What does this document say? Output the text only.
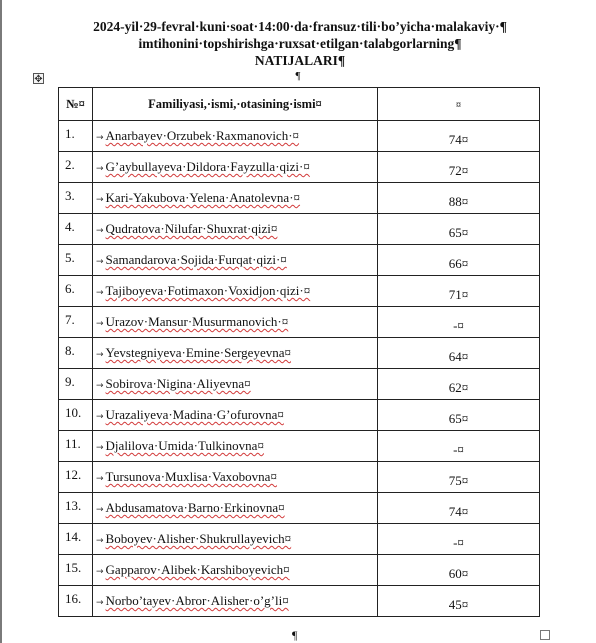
2024-yil·29-fevral·kuni·soat·14:00·da·fransuz·tili·bo’yicha·malakaviy·¶
imtihonini·topshirishga·ruxsat·etilgan·talabgorlarning¶
NATIJALARI¶
¶
✥
№¤	Familiyasi,·ismi,·otasining·ismi¤	¤
1.	→ Anarbayev·Orzubek·Raxmanovich·¤	74¤
2.	→ G’aybullayeva·Dildora·Fayzulla·qizi·¤	72¤
3.	→ Kari-Yakubova·Yelena·Anatolevna·¤	88¤
4.	→ Qudratova·Nilufar·Shuxrat·qizi¤	65¤
5.	→ Samandarova·Sojida·Furqat·qizi·¤	66¤
6.	→ Tajiboyeva·Fotimaxon·Voxidjon·qizi·¤	71¤
7.	→ Urazov·Mansur·Musurmanovich·¤	-¤
8.	→ Yevstegniyeva·Emine·Sergeyevna¤	64¤
9.	→ Sobirova·Nigina·Aliyevna¤	62¤
10.	→ Urazaliyeva·Madina·G’ofurovna¤	65¤
11.	→ Djalilova·Umida·Tulkinovna¤	-¤
12.	→ Tursunova·Muxlisa·Vaxobovna¤	75¤
13.	→ Abdusamatova·Barno·Erkinovna¤	74¤
14.	→ Boboyev·Alisher·Shukrullayevich¤	-¤
15.	→ Gapparov·Alibek·Karshiboyevich¤	60¤
16.	→ Norbo’tayev·Abror·Alisher·o’g’li¤	45¤
¶
